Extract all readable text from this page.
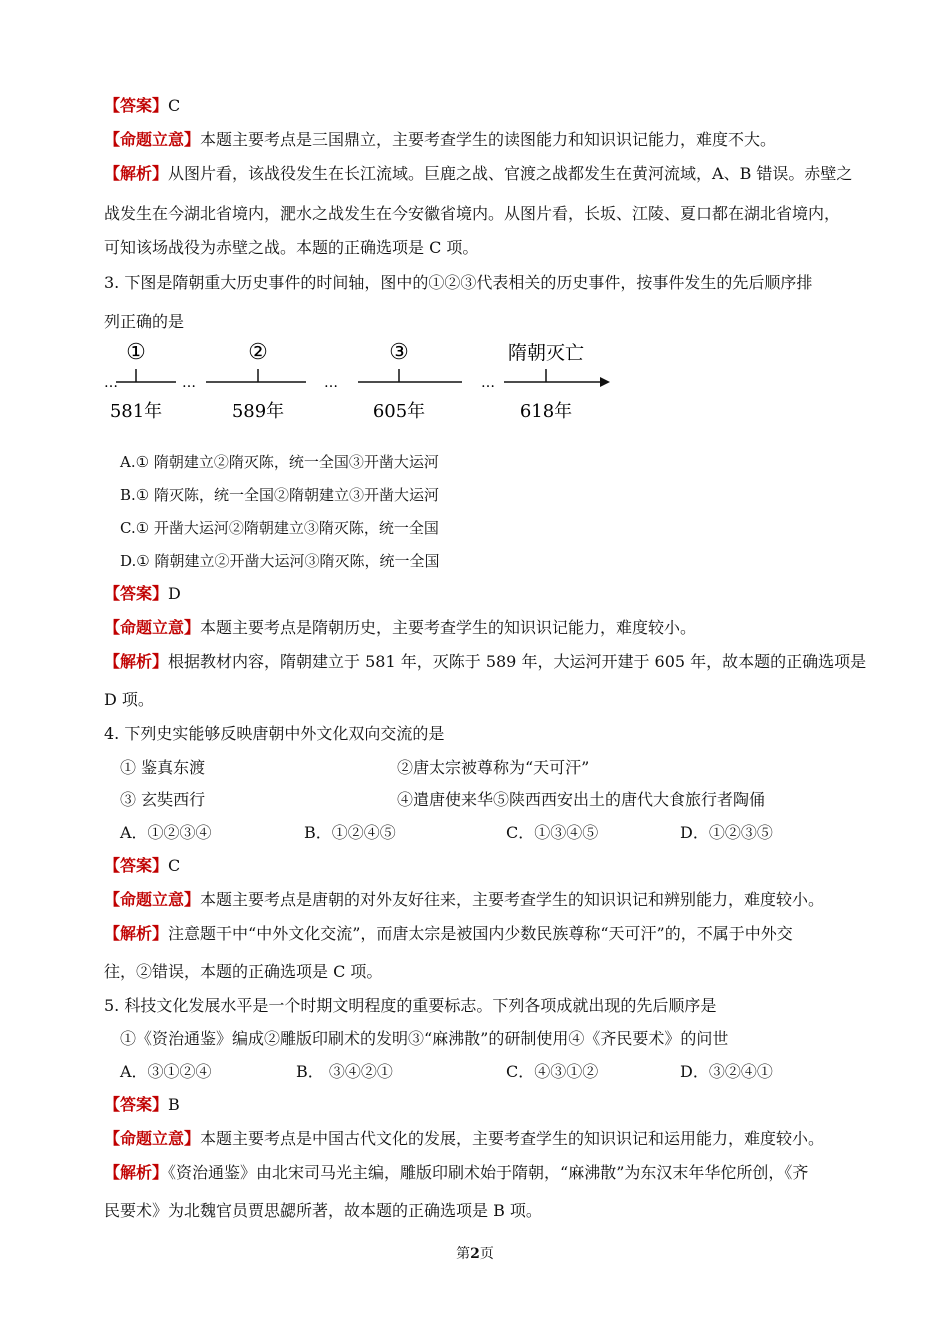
【答案】C
【命题立意】本题主要考点是三国鼎立，主要考查学生的读图能力和知识识记能力，难度不大。
【解析】从图片看，该战役发生在长江流域。巨鹿之战、官渡之战都发生在黄河流域，A、B 错误。赤壁之
战发生在今湖北省境内，淝水之战发生在今安徽省境内。从图片看，长坂、江陵、夏口都在湖北省境内，
可知该场战役为赤壁之战。本题的正确选项是 C 项。
3. 下图是隋朝重大历史事件的时间轴，图中的①②③代表相关的历史事件，按事件发生的先后顺序排
列正确的是
①	②	③	隋朝灭亡
…	…	…	…
581年	589年	605年	618年
A.① 隋朝建立②隋灭陈，统一全国③开凿大运河
B.① 隋灭陈，统一全国②隋朝建立③开凿大运河
C.① 开凿大运河②隋朝建立③隋灭陈，统一全国
D.① 隋朝建立②开凿大运河③隋灭陈，统一全国
【答案】D
【命题立意】本题主要考点是隋朝历史，主要考查学生的知识识记能力，难度较小。
【解析】根据教材内容，隋朝建立于 581 年，灭陈于 589 年，大运河开建于 605 年，故本题的正确选项是
D 项。
4. 下列史实能够反映唐朝中外文化双向交流的是
① 鉴真东渡	②唐太宗被尊称为“天可汗”
③ 玄奘西行	④遣唐使来华⑤陕西西安出土的唐代大食旅行者陶俑
A．①②③④	B．①②④⑤	C．①③④⑤	D．①②③⑤
【答案】C
【命题立意】本题主要考点是唐朝的对外友好往来，主要考查学生的知识识记和辨别能力，难度较小。
【解析】注意题干中“中外文化交流”，而唐太宗是被国内少数民族尊称“天可汗”的，不属于中外交
往，②错误，本题的正确选项是 C 项。
5. 科技文化发展水平是一个时期文明程度的重要标志。下列各项成就出现的先后顺序是
①《资治通鉴》编成②雕版印刷术的发明③“麻沸散”的研制使用④《齐民要术》的问世
A．③①②④	B． ③④②①	C．④③①②	D．③②④①
【答案】B
【命题立意】本题主要考点是中国古代文化的发展，主要考查学生的知识识记和运用能力，难度较小。
【解析】《资治通鉴》由北宋司马光主编，雕版印刷术始于隋朝，“麻沸散”为东汉末年华佗所创，《齐
民要术》为北魏官员贾思勰所著，故本题的正确选项是 B 项。
第2页
